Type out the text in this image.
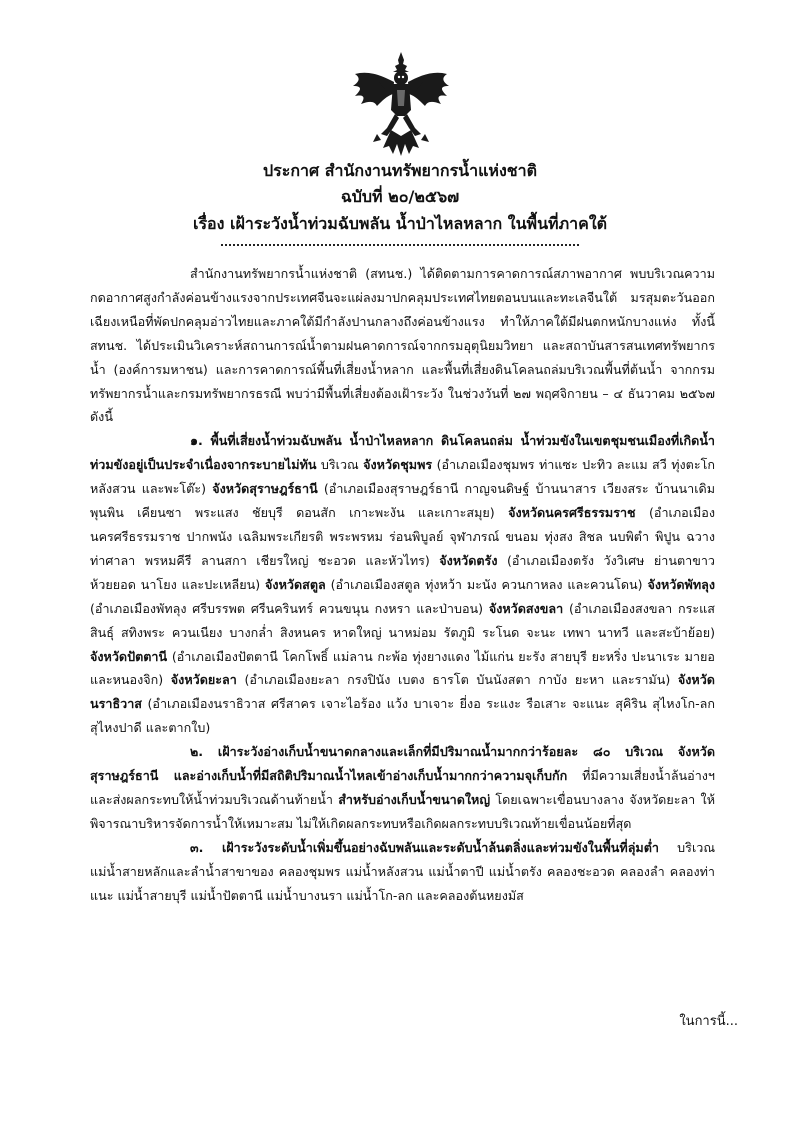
ประกาศ สำนักงานทรัพยากรน้ำแห่งชาติ
ฉบับที่ ๒๐/๒๕๖๗
เรื่อง เฝ้าระวังน้ำท่วมฉับพลัน น้ำป่าไหลหลาก ในพื้นที่ภาคใต้

สำนักงานทรัพยากรน้ำแห่งชาติ (สทนช.) ได้ติดตามการคาดการณ์สภาพอากาศ พบบริเวณความกดอากาศสูงกำลังค่อนข้างแรงจากประเทศจีนจะแผ่ลงมาปกคลุมประเทศไทยตอนบนและทะเลจีนใต้ มรสุมตะวันออกเฉียงเหนือที่พัดปกคลุมอ่าวไทยและภาคใต้มีกำลังปานกลางถึงค่อนข้างแรง ทำให้ภาคใต้มีฝนตกหนักบางแห่ง ทั้งนี้ สทนช. ได้ประเมินวิเคราะห์สถานการณ์น้ำตามฝนคาดการณ์จากกรมอุตุนิยมวิทยา และสถาบันสารสนเทศทรัพยากรน้ำ (องค์การมหาชน) และการคาดการณ์พื้นที่เสี่ยงน้ำหลาก และพื้นที่เสี่ยงดินโคลนถล่มบริเวณพื้นที่ต้นน้ำ จากกรมทรัพยากรน้ำและกรมทรัพยากรธรณี พบว่ามีพื้นที่เสี่ยงต้องเฝ้าระวัง ในช่วงวันที่ ๒๗ พฤศจิกายน – ๔ ธันวาคม ๒๕๖๗ ดังนี้

๑. พื้นที่เสี่ยงน้ำท่วมฉับพลัน น้ำป่าไหลหลาก ดินโคลนถล่ม น้ำท่วมขังในเขตชุมชนเมืองที่เกิดน้ำท่วมขังอยู่เป็นประจำเนื่องจากระบายไม่ทัน บริเวณ จังหวัดชุมพร (อำเภอเมืองชุมพร ท่าแซะ ปะทิว ละแม สวี ทุ่งตะโก หลังสวน และพะโต๊ะ) จังหวัดสุราษฎร์ธานี (อำเภอเมืองสุราษฎร์ธานี กาญจนดิษฐ์ บ้านนาสาร เวียงสระ บ้านนาเดิม พุนพิน เคียนซา พระแสง ชัยบุรี ดอนสัก เกาะพะงัน และเกาะสมุย) จังหวัดนครศรีธรรมราช (อำเภอเมืองนครศรีธรรมราช ปากพนัง เฉลิมพระเกียรติ พระพรหม ร่อนพิบูลย์ จุฬาภรณ์ ขนอม ทุ่งสง สิชล นบพิตำ พิปูน ฉวาง ท่าศาลา พรหมคีรี ลานสกา เชียรใหญ่ ชะอวด และหัวไทร) จังหวัดตรัง (อำเภอเมืองตรัง วังวิเศษ ย่านตาขาว ห้วยยอด นาโยง และปะเหลียน) จังหวัดสตูล (อำเภอเมืองสตูล ทุ่งหว้า มะนัง ควนกาหลง และควนโดน) จังหวัดพัทลุง (อำเภอเมืองพัทลุง ศรีบรรพต ศรีนครินทร์ ควนขนุน กงหรา และป่าบอน) จังหวัดสงขลา (อำเภอเมืองสงขลา กระแสสินธุ์ สทิงพระ ควนเนียง บางกล่ำ สิงหนคร หาดใหญ่ นาหม่อม รัตภูมิ ระโนด จะนะ เทพา นาทวี และสะบ้าย้อย) จังหวัดปัตตานี (อำเภอเมืองปัตตานี โคกโพธิ์ แม่ลาน กะพ้อ ทุ่งยางแดง ไม้แก่น ยะรัง สายบุรี ยะหริ่ง ปะนาเระ มายอ และหนองจิก) จังหวัดยะลา (อำเภอเมืองยะลา กรงปินัง เบตง ธารโต บันนังสตา กาบัง ยะหา และรามัน) จังหวัดนราธิวาส (อำเภอเมืองนราธิวาส ศรีสาคร เจาะไอร้อง แว้ง บาเจาะ ยี่งอ ระแงะ รือเสาะ จะแนะ สุคิริน สุไหงโก-ลก สุไหงปาดี และตากใบ)

๒. เฝ้าระวังอ่างเก็บน้ำขนาดกลางและเล็กที่มีปริมาณน้ำมากกว่าร้อยละ ๘๐ บริเวณ จังหวัดสุราษฎร์ธานี และอ่างเก็บน้ำที่มีสถิติปริมาณน้ำไหลเข้าอ่างเก็บน้ำมากกว่าความจุเก็บกัก ที่มีความเสี่ยงน้ำล้นอ่างฯ และส่งผลกระทบให้น้ำท่วมบริเวณด้านท้ายน้ำ สำหรับอ่างเก็บน้ำขนาดใหญ่ โดยเฉพาะเขื่อนบางลาง จังหวัดยะลา ให้พิจารณาบริหารจัดการน้ำให้เหมาะสม ไม่ให้เกิดผลกระทบหรือเกิดผลกระทบบริเวณท้ายเขื่อนน้อยที่สุด

๓. เฝ้าระวังระดับน้ำเพิ่มขึ้นอย่างฉับพลันและระดับน้ำล้นตลิ่งและท่วมขังในพื้นที่ลุ่มต่ำ บริเวณแม่น้ำสายหลักและลำน้ำสาขาของ คลองชุมพร แม่น้ำหลังสวน แม่น้ำตาปี แม่น้ำตรัง คลองชะอวด คลองลำ คลองท่าแนะ แม่น้ำสายบุรี แม่น้ำปัตตานี แม่น้ำบางนรา แม่น้ำโก-ลก และคลองต้นหยงมัส

ในการนี้...
